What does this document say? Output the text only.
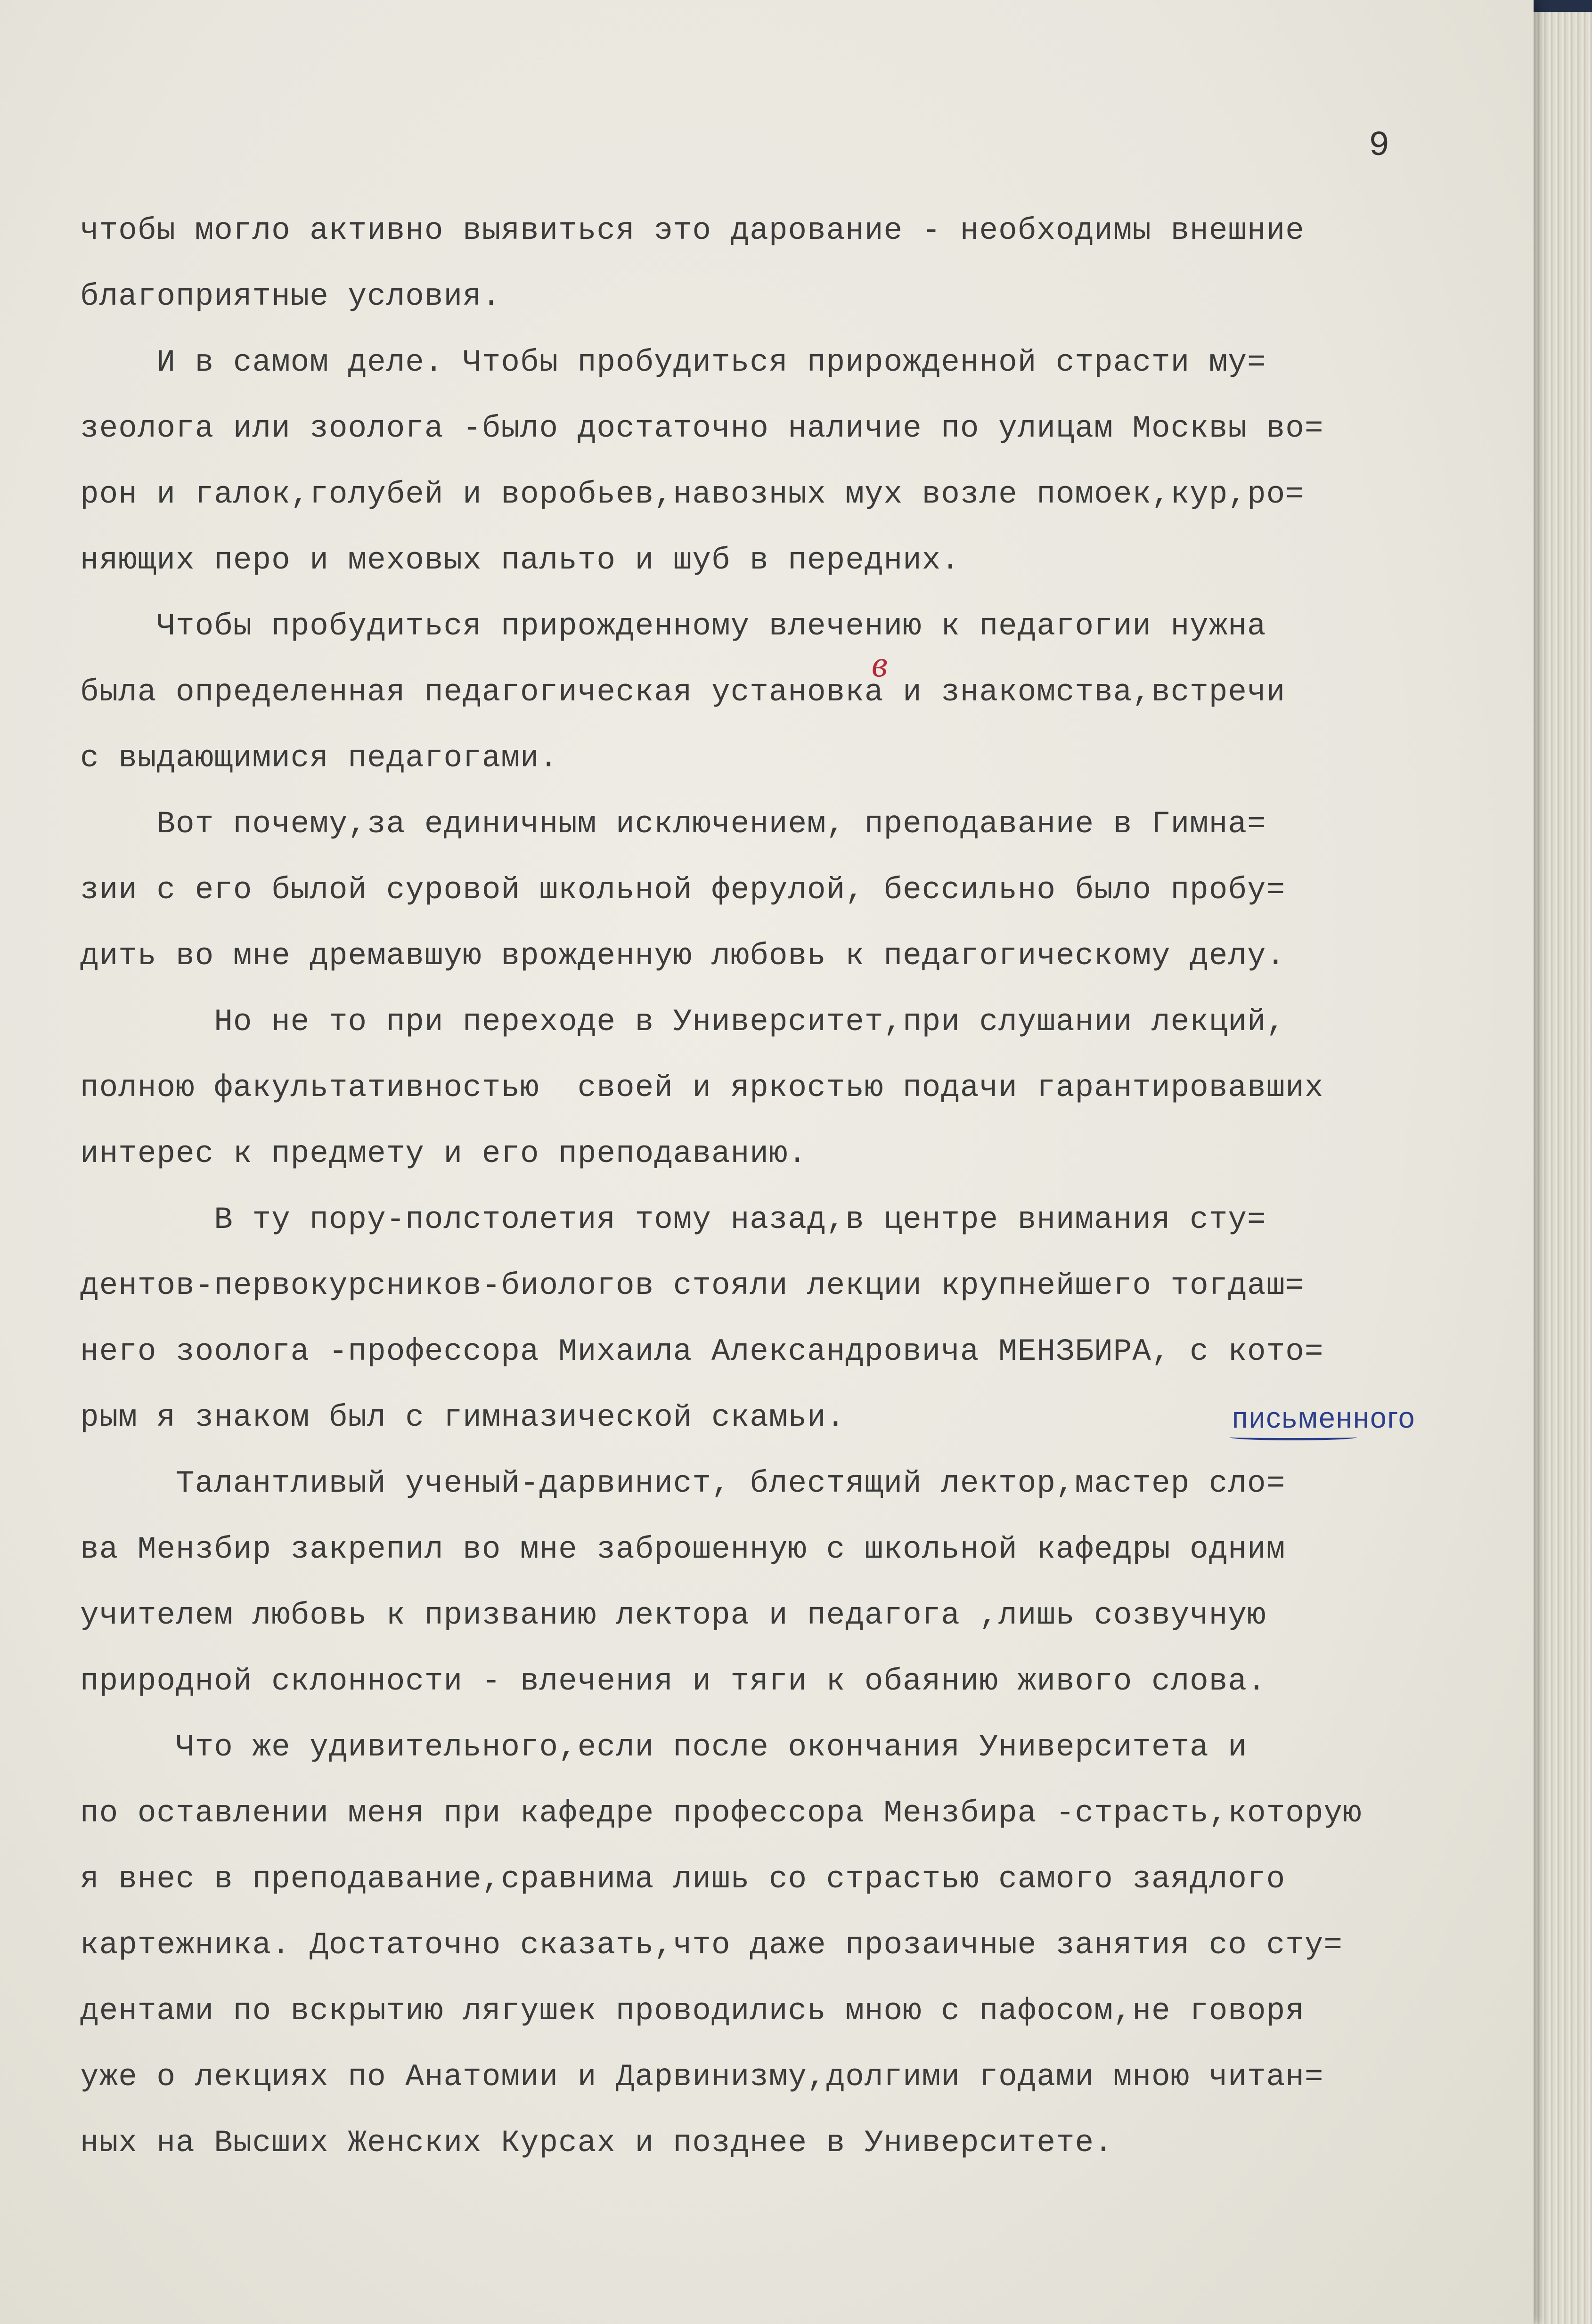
9

чтобы могло активно выявиться это дарование - необходимы внешние
благоприятные условия.
И в самом деле. Чтобы пробудиться прирожденной страсти му=
зеолога или зоолога -было достаточно наличие по улицам Москвы во=
рон и галок,голубей и воробьев,навозных мух возле помоек,кур,ро=
няющих перо и меховых пальто и шуб в передних.
Чтобы пробудиться прирожденному влечению к педагогии нужна
была определенная педагогическая установка и знакомства,встречи
с выдающимися педагогами.
Вот почему,за единичным исключением, преподавание в Гимна=
зии с его былой суровой школьной ферулой, бессильно было пробу=
дить во мне дремавшую врожденную любовь к педагогическому делу.
Но не то при переходе в Университет,при слушании лекций,
полною факультативностью  своей и яркостью подачи гарантировавших
интерес к предмету и его преподаванию.
В ту пору-полстолетия тому назад,в центре внимания сту=
дентов-первокурсников-биологов стояли лекции крупнейшего тогдаш=
него зоолога -профессора Михаила Александровича МЕНЗБИРА, с кото=
рым я знаком был с гимназической скамьи.
Талантливый ученый-дарвинист, блестящий лектор,мастер сло=
ва Мензбир закрепил во мне заброшенную с школьной кафедры одним
учителем любовь к призванию лектора и педагога ,лишь созвучную
природной склонности - влечения и тяги к обаянию живого слова.
Что же удивительного,если после окончания Университета и
по оставлении меня при кафедре профессора Мензбира -страсть,которую
я внес в преподавание,сравнима лишь со страстью самого заядлого
картежника. Достаточно сказать,что даже прозаичные занятия со сту=
дентами по вскрытию лягушек проводились мною с пафосом,не говоря
уже о лекциях по Анатомии и Дарвинизму,долгими годами мною читан=
ных на Высших Женских Курсах и позднее в Университете.
письменного
в
